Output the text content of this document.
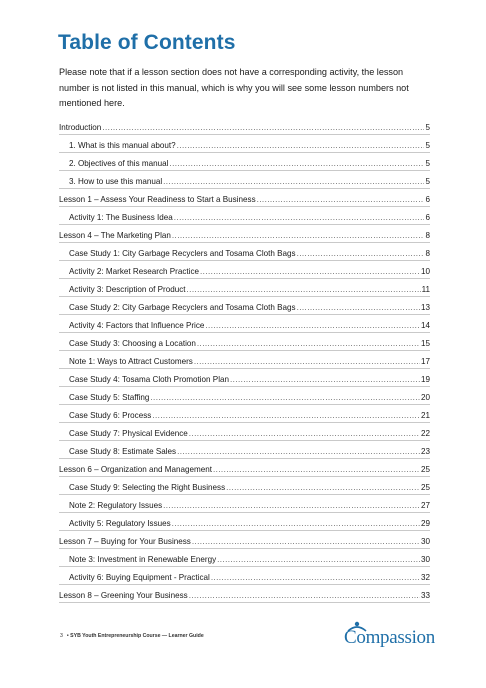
Table of Contents

Please note that if a lesson section does not have a corresponding activity, the lesson number is not listed in this manual, which is why you will see some lesson numbers not mentioned here.

Introduction .....	5
1. What is this manual about? .....	5
2. Objectives of this manual .....	5
3. How to use this manual .....	5
Lesson 1 – Assess Your Readiness to Start a Business .....	6
Activity 1: The Business Idea .....	6
Lesson 4 – The Marketing Plan .....	8
Case Study 1: City Garbage Recyclers and Tosama Cloth Bags .....	8
Activity 2: Market Research Practice .....	10
Activity 3: Description of Product .....	11
Case Study 2: City Garbage Recyclers and Tosama Cloth Bags .....	13
Activity 4: Factors that Influence Price .....	14
Case Study 3: Choosing a Location .....	15
Note 1: Ways to Attract Customers .....	17
Case Study 4: Tosama Cloth Promotion Plan .....	19
Case Study 5: Staffing .....	20
Case Study 6: Process .....	21
Case Study 7: Physical Evidence .....	22
Case Study 8: Estimate Sales .....	23
Lesson 6 – Organization and Management .....	25
Case Study 9: Selecting the Right Business .....	25
Note 2: Regulatory Issues .....	27
Activity 5: Regulatory Issues .....	29
Lesson 7 – Buying for Your Business .....	30
Note 3: Investment in Renewable Energy .....	30
Activity 6: Buying Equipment - Practical .....	32
Lesson 8 – Greening Your Business .....	33
3 • SYB Youth Entrepreneurship Course — Learner Guide	Compassion
